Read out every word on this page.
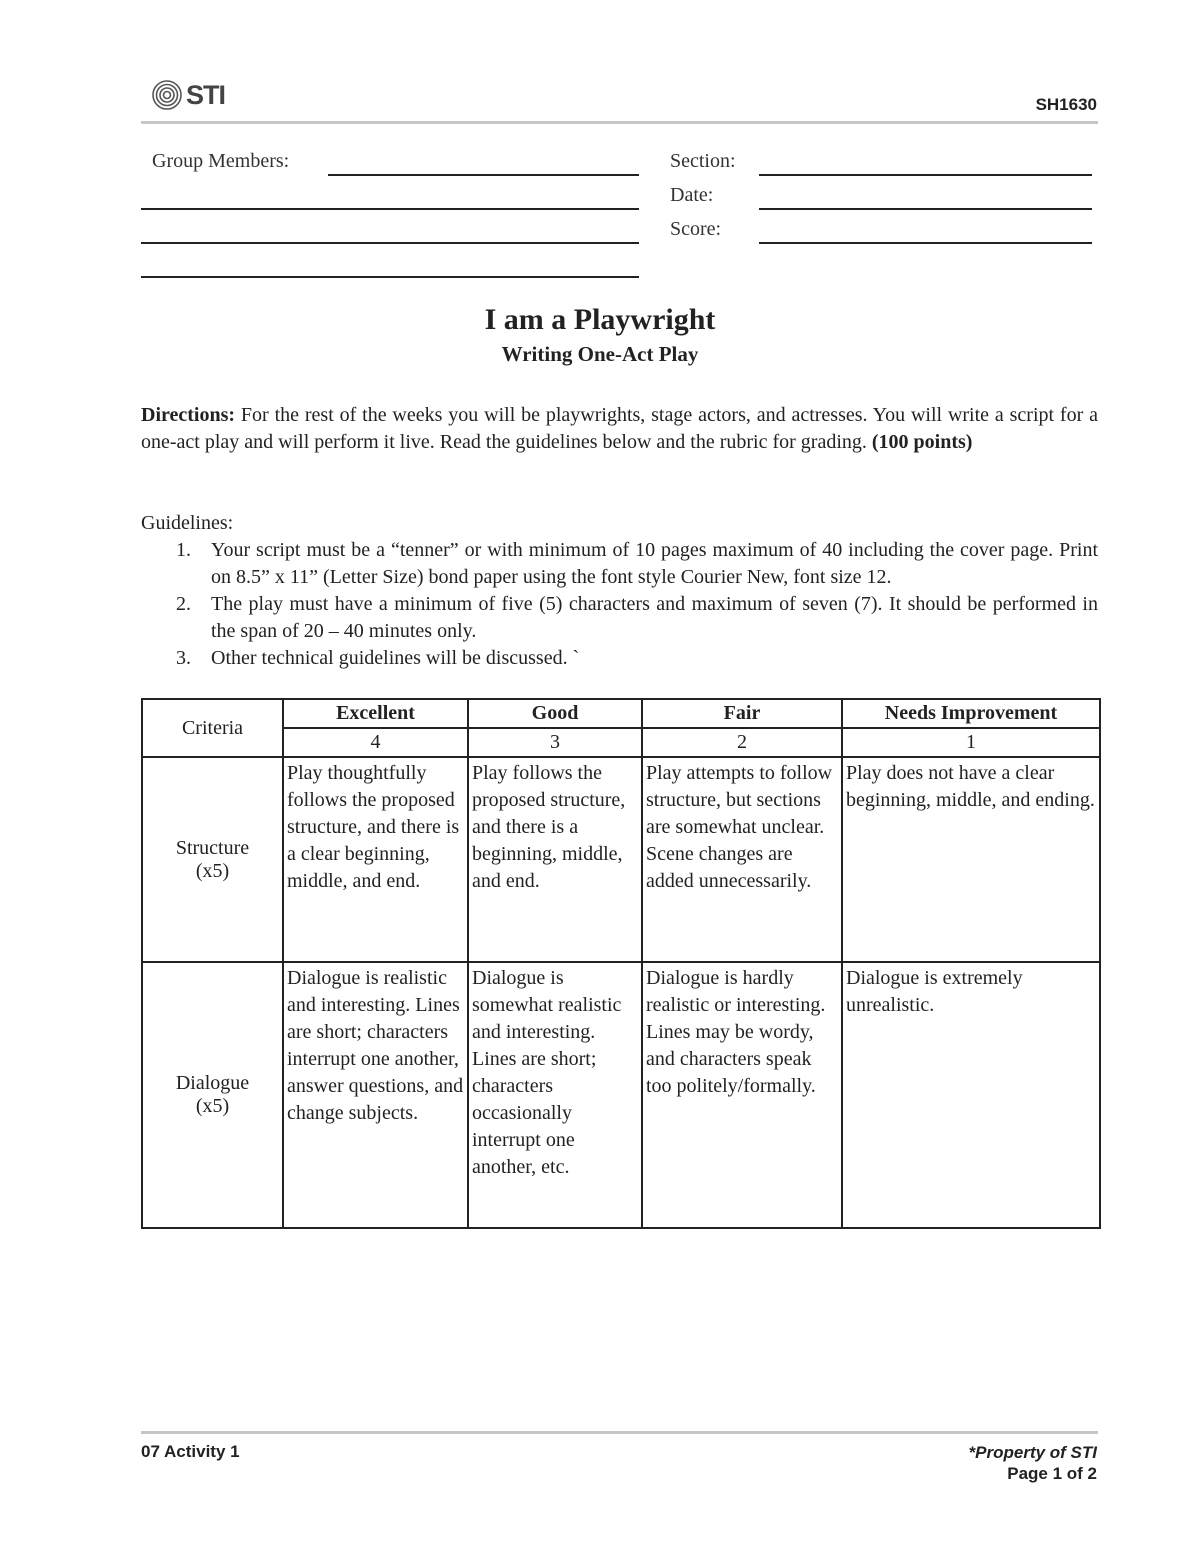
STI	SH1630
Group Members:	Section:
Date:
Score:
I am a Playwright
Writing One-Act Play
Directions: For the rest of the weeks you will be playwrights, stage actors, and actresses. You will write a script for a one-act play and will perform it live. Read the guidelines below and the rubric for grading. (100 points)
Guidelines:
1.	Your script must be a “tenner” or with minimum of 10 pages maximum of 40 including the cover page. Print on 8.5” x 11” (Letter Size) bond paper using the font style Courier New, font size 12.
2.	The play must have a minimum of five (5) characters and maximum of seven (7). It should be performed in the span of 20 – 40 minutes only.
3.	Other technical guidelines will be discussed. `
Criteria	Excellent	Good	Fair	Needs Improvement
	4	3	2	1

Structure
(x5)	Play thoughtfully follows the proposed structure, and there is a clear beginning, middle, and end.	Play follows the proposed structure, and there is a beginning, middle, and end.	Play attempts to follow structure, but sections are somewhat unclear. Scene changes are added unnecessarily.	Play does not have a clear beginning, middle, and ending.

Dialogue
(x5)	Dialogue is realistic and interesting. Lines are short; characters interrupt one another, answer questions, and change subjects.	Dialogue is somewhat realistic and interesting. Lines are short; characters occasionally interrupt one another, etc.	Dialogue is hardly realistic or interesting. Lines may be wordy, and characters speak too politely/formally.	Dialogue is extremely unrealistic.
07 Activity 1	*Property of STI
Page 1 of 2
